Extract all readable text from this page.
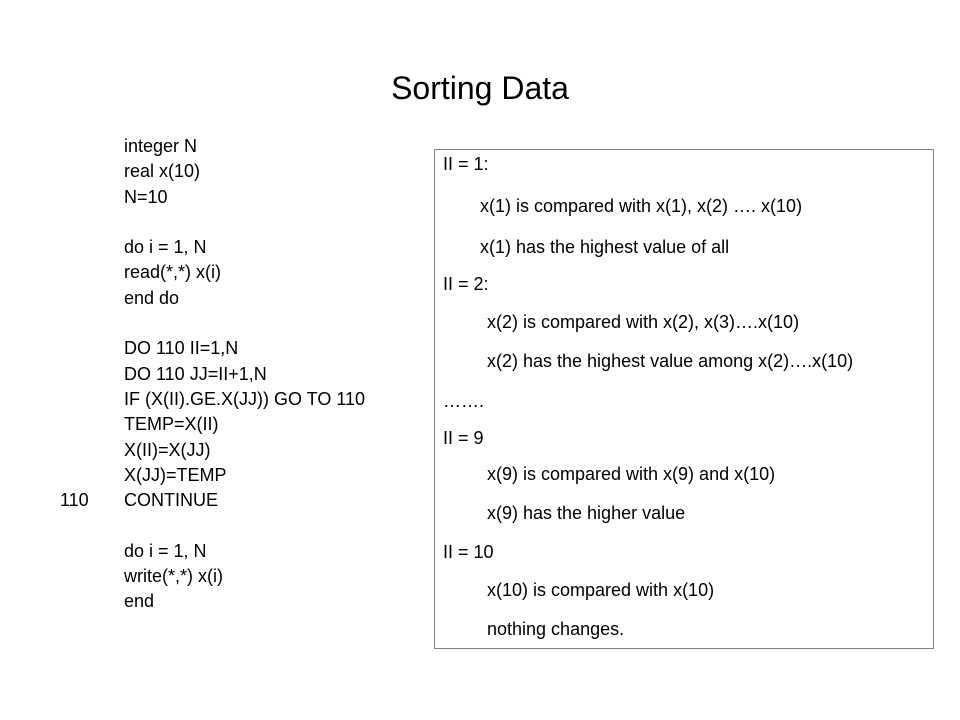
Sorting Data
integer N
real x(10)
N=10
do i = 1, N
read(*,*) x(i)
end do
DO 110 II=1,N
DO 110 JJ=II+1,N
IF (X(II).GE.X(JJ)) GO TO 110
TEMP=X(II)
X(II)=X(JJ)
X(JJ)=TEMP
110 CONTINUE
do i = 1, N
write(*,*) x(i)
end
II = 1:
x(1) is compared with x(1), x(2) …. x(10)
x(1) has the highest value of all
II = 2:
x(2) is compared with x(2), x(3)….x(10)
x(2) has the highest value among x(2)….x(10)
…….
II = 9
x(9) is compared with x(9) and x(10)
x(9) has the higher value
II = 10
x(10) is compared with x(10)
nothing changes.
